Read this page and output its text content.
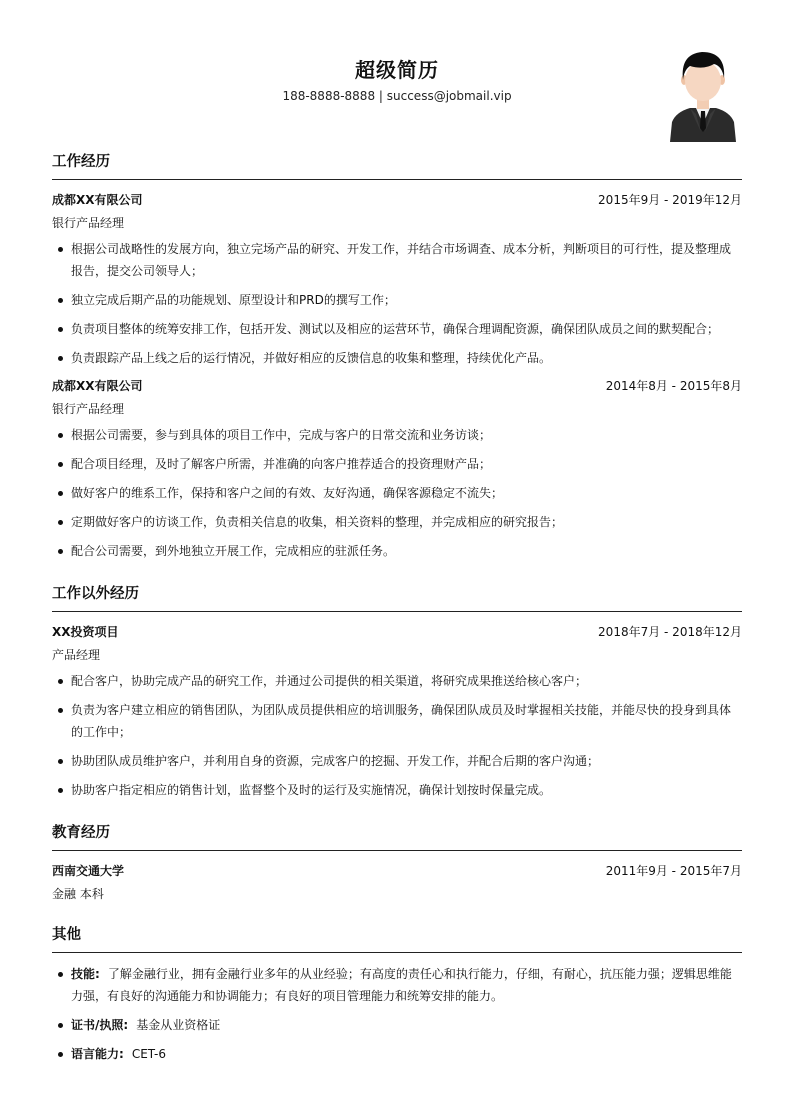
超级简历
188-8888-8888 | success@jobmail.vip
工作经历
成都XX有限公司	2015年9月 - 2019年12月
银行产品经理
根据公司战略性的发展方向，独立完场产品的研究、开发工作，并结合市场调查、成本分析，判断项目的可行性，提及整理成报告，提交公司领导人；
独立完成后期产品的功能规划、原型设计和PRD的撰写工作；
负责项目整体的统筹安排工作，包括开发、测试以及相应的运营环节，确保合理调配资源，确保团队成员之间的默契配合；
负责跟踪产品上线之后的运行情况，并做好相应的反馈信息的收集和整理，持续优化产品。
成都XX有限公司	2014年8月 - 2015年8月
银行产品经理
根据公司需要，参与到具体的项目工作中，完成与客户的日常交流和业务访谈；
配合项目经理，及时了解客户所需，并准确的向客户推荐适合的投资理财产品；
做好客户的维系工作，保持和客户之间的有效、友好沟通，确保客源稳定不流失；
定期做好客户的访谈工作，负责相关信息的收集，相关资料的整理，并完成相应的研究报告；
配合公司需要，到外地独立开展工作，完成相应的驻派任务。
工作以外经历
XX投资项目	2018年7月 - 2018年12月
产品经理
配合客户，协助完成产品的研究工作，并通过公司提供的相关渠道，将研究成果推送给核心客户；
负责为客户建立相应的销售团队，为团队成员提供相应的培训服务，确保团队成员及时掌握相关技能，并能尽快的投身到具体的工作中；
协助团队成员维护客户，并利用自身的资源，完成客户的挖掘、开发工作，并配合后期的客户沟通；
协助客户指定相应的销售计划，监督整个及时的运行及实施情况，确保计划按时保量完成。
教育经历
西南交通大学	2011年9月 - 2015年7月
金融 本科
其他
技能: 了解金融行业，拥有金融行业多年的从业经验；有高度的责任心和执行能力，仔细，有耐心，抗压能力强；逻辑思维能力强，有良好的沟通能力和协调能力；有良好的项目管理能力和统筹安排的能力。
证书/执照: 基金从业资格证
语言能力: CET-6
